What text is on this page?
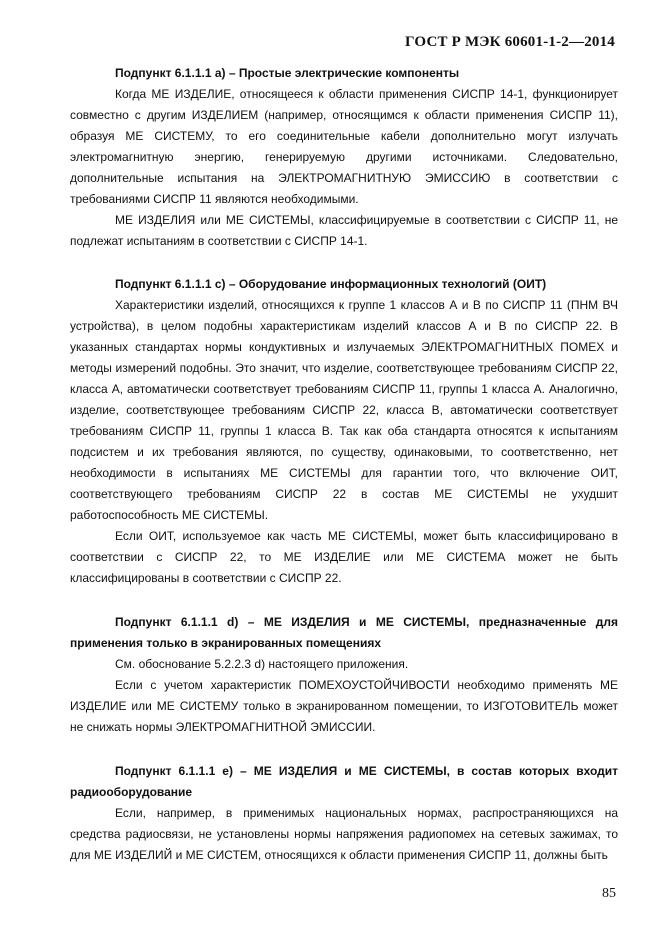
ГОСТ Р МЭК 60601-1-2—2014

Подпункт 6.1.1.1 a) – Простые электрические компоненты

Когда МЕ ИЗДЕЛИЕ, относящееся к области применения СИСПР 14-1, функционирует совместно с другим ИЗДЕЛИЕМ (например, относящимся к области применения СИСПР 11), образуя МЕ СИСТЕМУ, то его соединительные кабели дополнительно могут излучать электромагнитную энергию, генерируемую другими источниками. Следовательно, дополнительные испытания на ЭЛЕКТРОМАГНИТНУЮ ЭМИССИЮ в соответствии с требованиями СИСПР 11 являются необходимыми.

МЕ ИЗДЕЛИЯ или МЕ СИСТЕМЫ, классифицируемые в соответствии с СИСПР 11, не подлежат испытаниям в соответствии с СИСПР 14-1.

Подпункт 6.1.1.1 c) – Оборудование информационных технологий (ОИТ)

Характеристики изделий, относящихся к группе 1 классов А и В по СИСПР 11 (ПНМ ВЧ устройства), в целом подобны характеристикам изделий классов А и В по СИСПР 22. В указанных стандартах нормы кондуктивных и излучаемых ЭЛЕКТРОМАГНИТНЫХ ПОМЕХ и методы измерений подобны. Это значит, что изделие, соответствующее требованиям СИСПР 22, класса А, автоматически соответствует требованиям СИСПР 11, группы 1 класса А. Аналогично, изделие, соответствующее требованиям СИСПР 22, класса В, автоматически соответствует требованиям СИСПР 11, группы 1 класса В. Так как оба стандарта относятся к испытаниям подсистем и их требования являются, по существу, одинаковыми, то соответственно, нет необходимости в испытаниях МЕ СИСТЕМЫ для гарантии того, что включение ОИТ, соответствующего требованиям СИСПР 22 в состав МЕ СИСТЕМЫ не ухудшит работоспособность МЕ СИСТЕМЫ.

Если ОИТ, используемое как часть МЕ СИСТЕМЫ, может быть классифицировано в соответствии с СИСПР 22, то МЕ ИЗДЕЛИЕ или МЕ СИСТЕМА может не быть классифицированы в соответствии с СИСПР 22.

Подпункт 6.1.1.1 d) – МЕ ИЗДЕЛИЯ и МЕ СИСТЕМЫ, предназначенные для применения только в экранированных помещениях

См. обоснование 5.2.2.3 d) настоящего приложения.

Если с учетом характеристик ПОМЕХОУСТОЙЧИВОСТИ необходимо применять МЕ ИЗДЕЛИЕ или МЕ СИСТЕМУ только в экранированном помещении, то ИЗГОТОВИТЕЛЬ может не снижать нормы ЭЛЕКТРОМАГНИТНОЙ ЭМИССИИ.

Подпункт 6.1.1.1 e) – МЕ ИЗДЕЛИЯ и МЕ СИСТЕМЫ, в состав которых входит радиооборудование

Если, например, в применимых национальных нормах, распространяющихся на средства радиосвязи, не установлены нормы напряжения радиопомех на сетевых зажимах, то для МЕ ИЗДЕЛИЙ и МЕ СИСТЕМ, относящихся к области применения СИСПР 11, должны быть

85
